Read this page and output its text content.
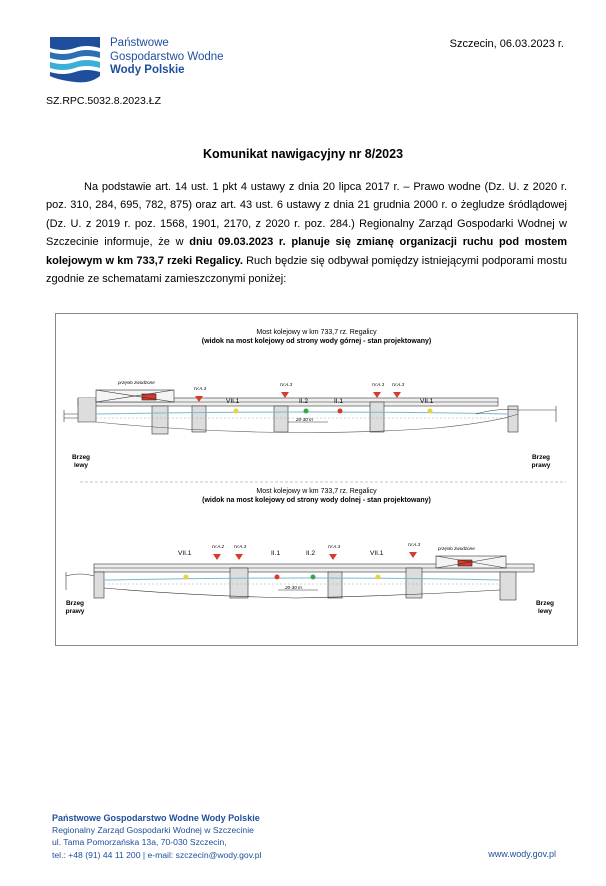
Państwowe
Gospodarstwo Wodne
Wody Polskie
Szczecin, 06.03.2023 r.
SZ.RPC.5032.8.2023.ŁZ
Komunikat nawigacyjny nr 8/2023
Na podstawie art. 14 ust. 1 pkt 4 ustawy z dnia 20 lipca 2017 r. – Prawo wodne (Dz. U. z 2020 r. poz. 310, 284, 695, 782, 875) oraz art. 43 ust. 6 ustawy z dnia 21 grudnia 2000 r. o żegludze śródlądowej (Dz. U. z 2019 r. poz. 1568, 1901, 2170, z 2020 r. poz. 284.) Regionalny Zarząd Gospodarki Wodnej w Szczecinie informuje, że w dniu 09.03.2023 r. planuje się zmianę organizacji ruchu pod mostem kolejowym w km 733,7 rzeki Regalicy. Ruch będzie się odbywał pomiędzy istniejącymi podporami mostu zgodnie ze schematami zamieszczonymi poniżej:
Most kolejowy w km 733,7 rz. Regalicy
(widok na most kolejowy od strony wody górnej - stan projektowany)
przęsło zwodzone
IV.A.3
IV.A.3	IV.A.3 IV.A.3
VII.1	II.2	II.1	VII.1
20-30 m
Brzeg lewy
Brzeg prawy
Most kolejowy w km 733,7 rz. Regalicy
(widok na most kolejowy od strony wody dolnej - stan projektowany)
przęsło zwodzone
IV.A.2 IV.A.3	IV.A.3	IV.A.3
VII.1	II.1	II.2	VII.1
20-30 m
Brzeg prawy
Brzeg lewy
Państwowe Gospodarstwo Wodne Wody Polskie
Regionalny Zarząd Gospodarki Wodnej w Szczecinie
ul. Tama Pomorzańska 13a, 70-030 Szczecin,
tel.: +48 (91) 44 11 200 | e-mail: szczecin@wody.gov.pl	www.wody.gov.pl
